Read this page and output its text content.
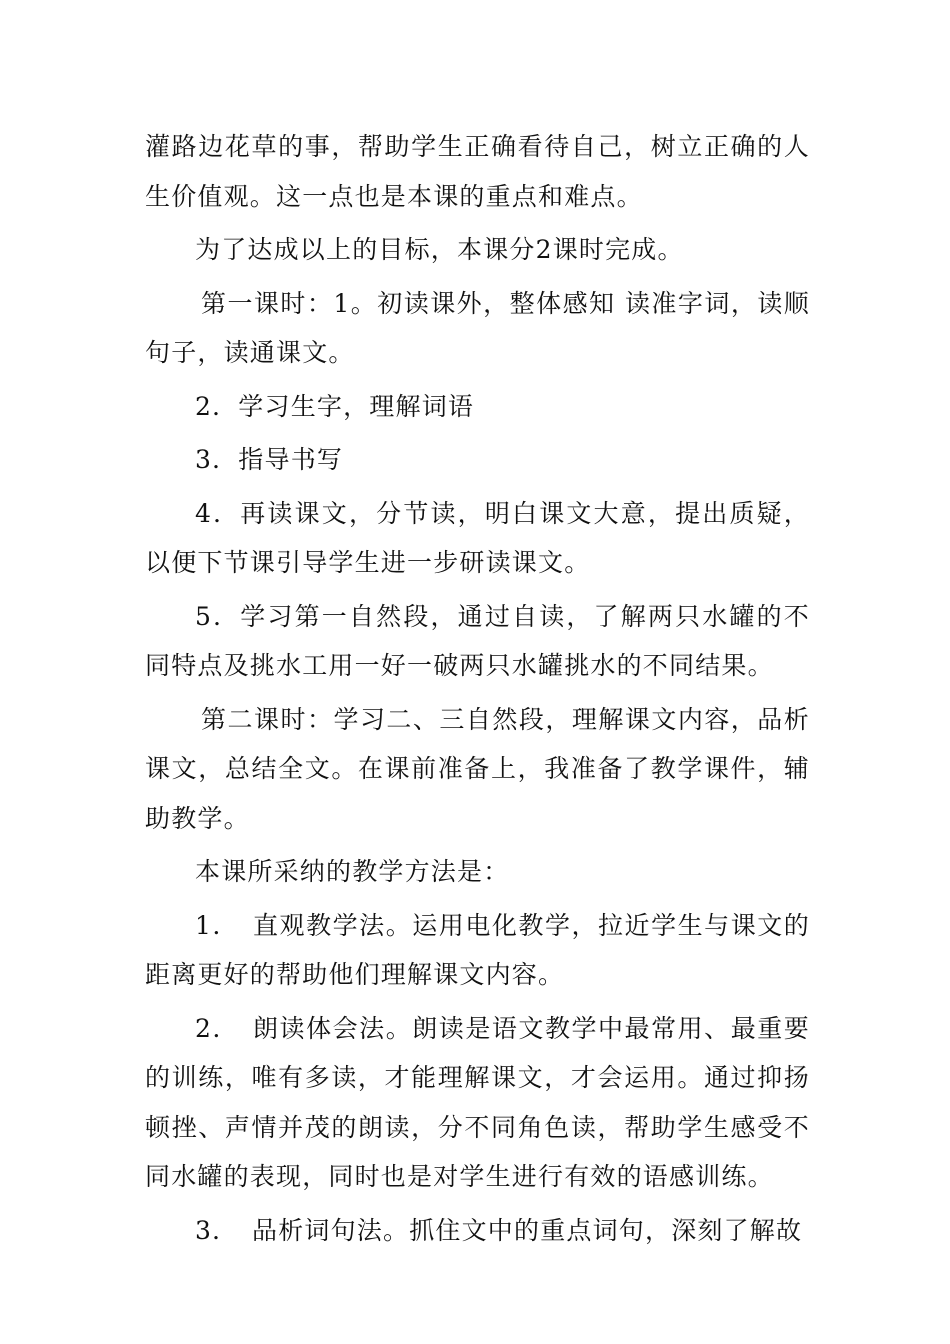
灌路边花草的事，帮助学生正确看待自己，树立正确的人生价值观。这一点也是本课的重点和难点。

为了达成以上的目标，本课分2课时完成。

第一课时：1。初读课外，整体感知 读准字词，读顺句子，读通课文。

2．学习生字，理解词语

3．指导书写

4．再读课文，分节读，明白课文大意，提出质疑，以便下节课引导学生进一步研读课文。

5．学习第一自然段，通过自读，了解两只水罐的不同特点及挑水工用一好一破两只水罐挑水的不同结果。

第二课时：学习二、三自然段，理解课文内容，品析课文，总结全文。在课前准备上，我准备了教学课件，辅助教学。

本课所采纳的教学方法是：

1．　直观教学法。运用电化教学，拉近学生与课文的距离更好的帮助他们理解课文内容。

2．　朗读体会法。朗读是语文教学中最常用、最重要的训练，唯有多读，才能理解课文，才会运用。通过抑扬顿挫、声情并茂的朗读，分不同角色读，帮助学生感受不同水罐的表现，同时也是对学生进行有效的语感训练。

3．　品析词句法。抓住文中的重点词句，深刻了解故
